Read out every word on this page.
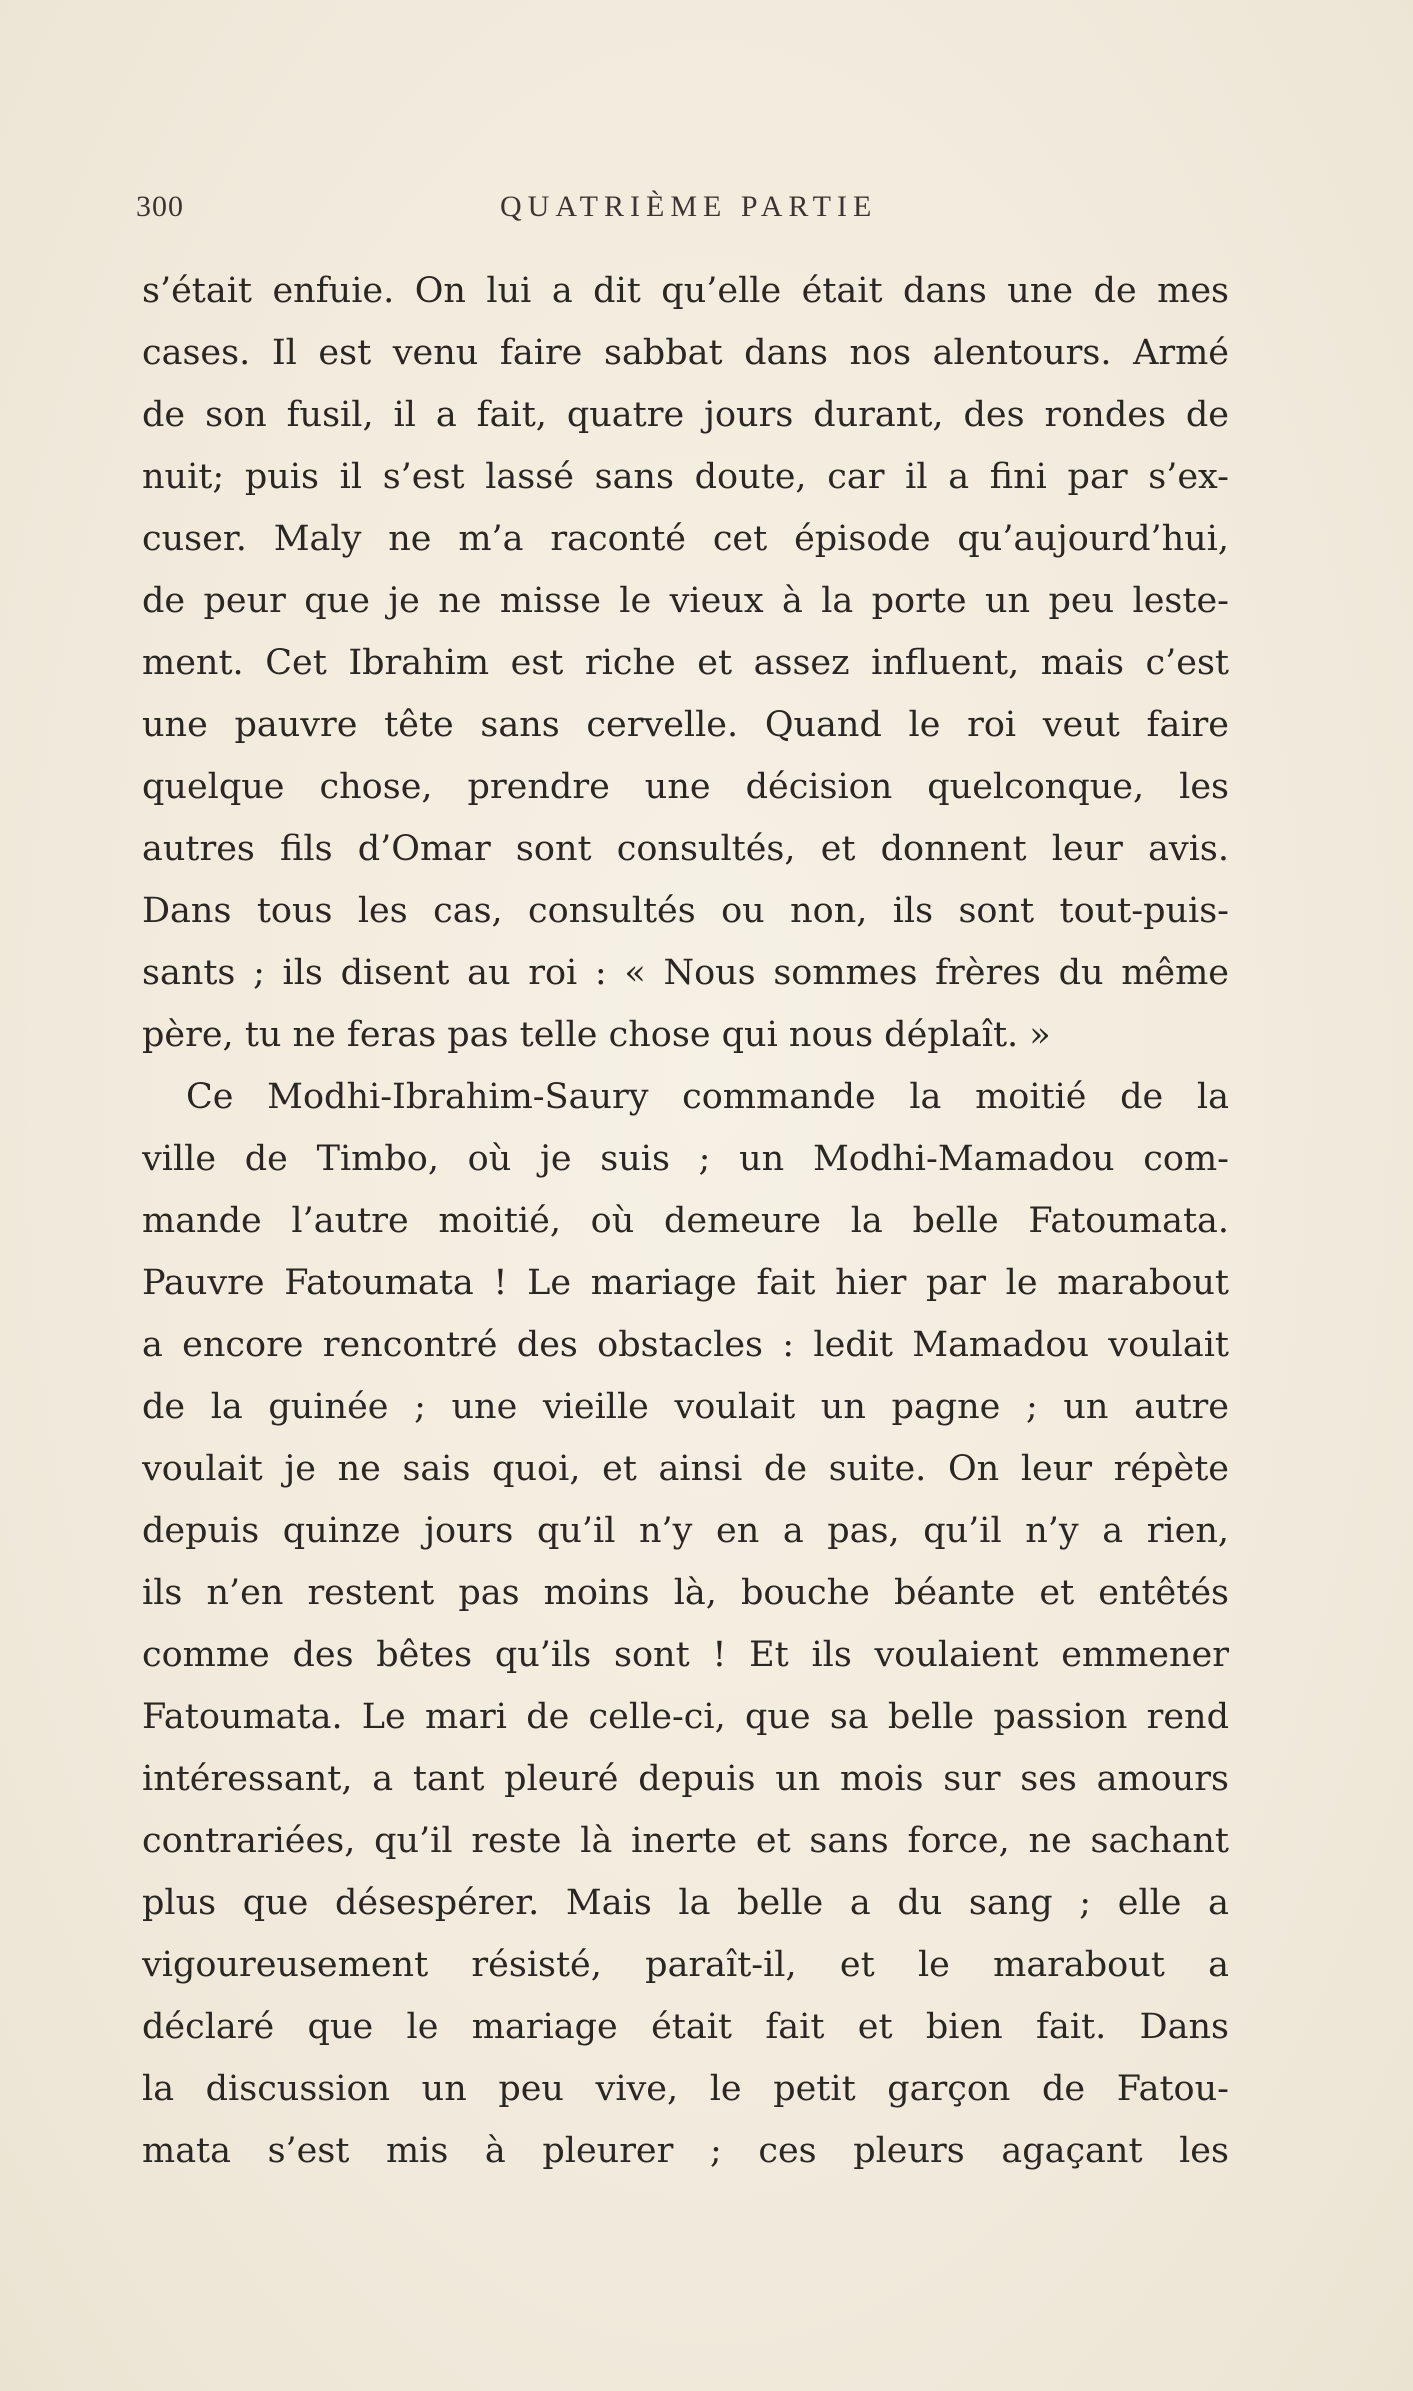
300	QUATRIÈME PARTIE
s’était enfuie. On lui a dit qu’elle était dans une de mes
cases. Il est venu faire sabbat dans nos alentours. Armé
de son fusil, il a fait, quatre jours durant, des rondes de
nuit; puis il s’est lassé sans doute, car il a fini par s’ex-
cuser. Maly ne m’a raconté cet épisode qu’aujourd’hui,
de peur que je ne misse le vieux à la porte un peu leste-
ment. Cet Ibrahim est riche et assez influent, mais c’est
une pauvre tête sans cervelle. Quand le roi veut faire
quelque chose, prendre une décision quelconque, les
autres fils d’Omar sont consultés, et donnent leur avis.
Dans tous les cas, consultés ou non, ils sont tout-puis-
sants ; ils disent au roi : « Nous sommes frères du même
père, tu ne feras pas telle chose qui nous déplaît. »
Ce Modhi-Ibrahim-Saury commande la moitié de la
ville de Timbo, où je suis ; un Modhi-Mamadou com-
mande l’autre moitié, où demeure la belle Fatoumata.
Pauvre Fatoumata ! Le mariage fait hier par le marabout
a encore rencontré des obstacles : ledit Mamadou voulait
de la guinée ; une vieille voulait un pagne ; un autre
voulait je ne sais quoi, et ainsi de suite. On leur répète
depuis quinze jours qu’il n’y en a pas, qu’il n’y a rien,
ils n’en restent pas moins là, bouche béante et entêtés
comme des bêtes qu’ils sont ! Et ils voulaient emmener
Fatoumata. Le mari de celle-ci, que sa belle passion rend
intéressant, a tant pleuré depuis un mois sur ses amours
contrariées, qu’il reste là inerte et sans force, ne sachant
plus que désespérer. Mais la belle a du sang ; elle a
vigoureusement résisté, paraît-il, et le marabout a
déclaré que le mariage était fait et bien fait. Dans
la discussion un peu vive, le petit garçon de Fatou-
mata s’est mis à pleurer ; ces pleurs agaçant les
